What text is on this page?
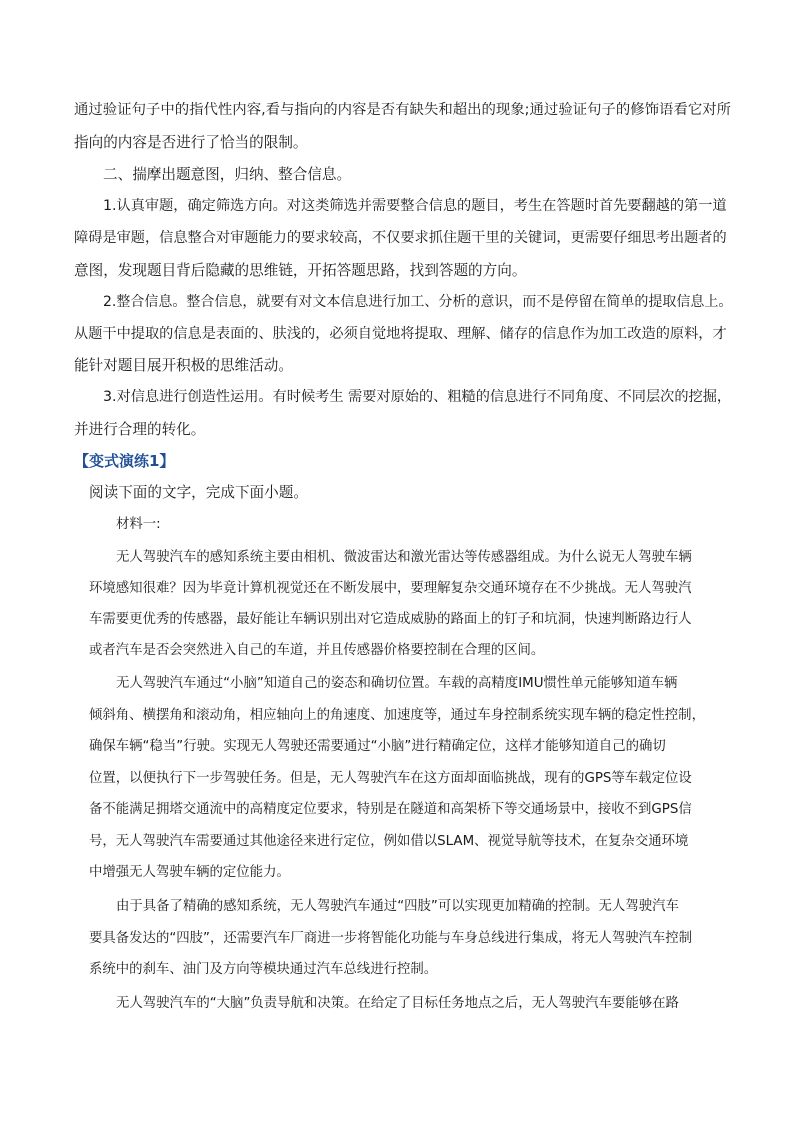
通过验证句子中的指代性内容,看与指向的内容是否有缺失和超出的现象;通过验证句子的修饰语看它对所

指向的内容是否进行了恰当的限制。

二、揣摩出题意图，归纳、整合信息。

1.认真审题，确定筛选方向。对这类筛选并需要整合信息的题目，考生在答题时首先要翻越的第一道

障碍是审题，信息整合对审题能力的要求较高，不仅要求抓住题干里的关键词，更需要仔细思考出题者的

意图，发现题目背后隐藏的思维链，开拓答题思路，找到答题的方向。

2.整合信息。整合信息，就要有对文本信息进行加工、分析的意识，而不是停留在简单的提取信息上。

从题干中提取的信息是表面的、肤浅的，必须自觉地将提取、理解、储存的信息作为加工改造的原料，才

能针对题目展开积极的思维活动。

3.对信息进行创造性运用。有时候考生 需要对原始的、粗糙的信息进行不同角度、不同层次的挖掘，

并进行合理的转化。

【变式演练1】

阅读下面的文字，完成下面小题。

材料一:

无人驾驶汽车的感知系统主要由相机、微波雷达和激光雷达等传感器组成。为什么说无人驾驶车辆

环境感知很难？因为毕竟计算机视觉还在不断发展中，要理解复杂交通环境存在不少挑战。无人驾驶汽

车需要更优秀的传感器，最好能让车辆识别出对它造成威胁的路面上的钉子和坑洞，快速判断路边行人

或者汽车是否会突然进入自己的车道，并且传感器价格要控制在合理的区间。

无人驾驶汽车通过“小脑”知道自己的姿态和确切位置。车载的高精度IMU惯性单元能够知道车辆

倾斜角、横摆角和滚动角，相应轴向上的角速度、加速度等，通过车身控制系统实现车辆的稳定性控制，

确保车辆“稳当”行驶。实现无人驾驶还需要通过“小脑”进行精确定位，这样才能够知道自己的确切

位置，以便执行下一步驾驶任务。但是，无人驾驶汽车在这方面却面临挑战，现有的GPS等车载定位设

备不能满足拥塔交通流中的高精度定位要求，特别是在隧道和高架桥下等交通场景中，接收不到GPS信

号，无人驾驶汽车需要通过其他途径来进行定位，例如借以SLAM、视觉导航等技术，在复杂交通环境

中增强无人驾驶车辆的定位能力。

由于具备了精确的感知系统，无人驾驶汽车通过“四肢”可以实现更加精确的控制。无人驾驶汽车

要具备发达的“四肢”，还需要汽车厂商进一步将智能化功能与车身总线进行集成，将无人驾驶汽车控制

系统中的刹车、油门及方向等模块通过汽车总线进行控制。

无人驾驶汽车的“大脑”负责导航和决策。在给定了目标任务地点之后，无人驾驶汽车要能够在路
